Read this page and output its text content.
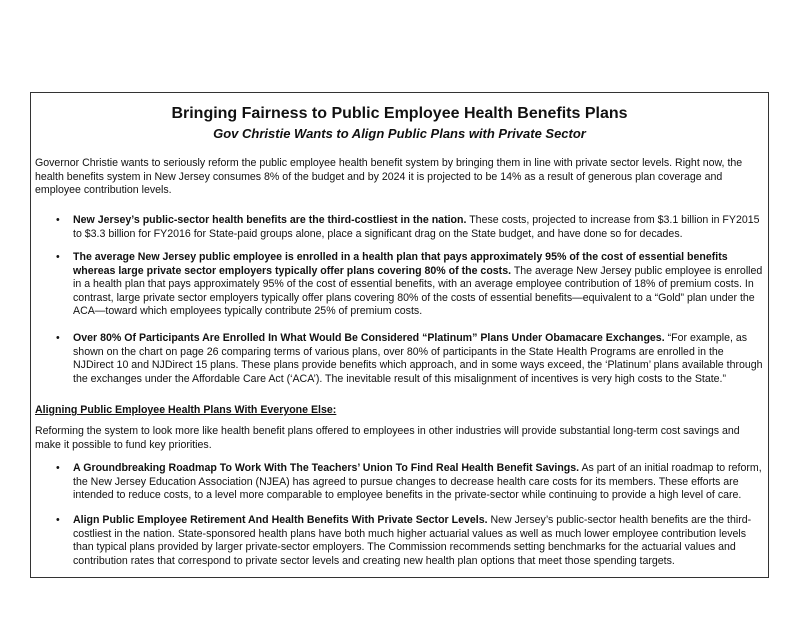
Bringing Fairness to Public Employee Health Benefits Plans
Gov Christie Wants to Align Public Plans with Private Sector

Governor Christie wants to seriously reform the public employee health benefit system by bringing them in line with private sector levels. Right now, the health benefits system in New Jersey consumes 8% of the budget and by 2024 it is projected to be 14% as a result of generous plan coverage and employee contribution levels.

• New Jersey’s public-sector health benefits are the third-costliest in the nation. These costs, projected to increase from $3.1 billion in FY2015 to $3.3 billion for FY2016 for State-paid groups alone, place a significant drag on the State budget, and have done so for decades.

• The average New Jersey public employee is enrolled in a health plan that pays approximately 95% of the cost of essential benefits whereas large private sector employers typically offer plans covering 80% of the costs. The average New Jersey public employee is enrolled in a health plan that pays approximately 95% of the cost of essential benefits, with an average employee contribution of 18% of premium costs. In contrast, large private sector employers typically offer plans covering 80% of the costs of essential benefits—equivalent to a “Gold” plan under the ACA—toward which employees typically contribute 25% of premium costs.

• Over 80% Of Participants Are Enrolled In What Would Be Considered “Platinum” Plans Under Obamacare Exchanges. “For example, as shown on the chart on page 26 comparing terms of various plans, over 80% of participants in the State Health Programs are enrolled in the NJDirect 10 and NJDirect 15 plans. These plans provide benefits which approach, and in some ways exceed, the ‘Platinum’ plans available through the exchanges under the Affordable Care Act (‘ACA’). The inevitable result of this misalignment of incentives is very high costs to the State.”

Aligning Public Employee Health Plans With Everyone Else:

Reforming the system to look more like health benefit plans offered to employees in other industries will provide substantial long-term cost savings and make it possible to fund key priorities.

• A Groundbreaking Roadmap To Work With The Teachers’ Union To Find Real Health Benefit Savings. As part of an initial roadmap to reform, the New Jersey Education Association (NJEA) has agreed to pursue changes to decrease health care costs for its members. These efforts are intended to reduce costs, to a level more comparable to employee benefits in the private-sector while continuing to provide a high level of care.

• Align Public Employee Retirement And Health Benefits With Private Sector Levels. New Jersey’s public-sector health benefits are the third-costliest in the nation. State-sponsored health plans have both much higher actuarial values as well as much lower employee contribution levels than typical plans provided by larger private-sector employers. The Commission recommends setting benchmarks for the actuarial values and contribution rates that correspond to private sector levels and creating new health plan options that meet those spending targets.
